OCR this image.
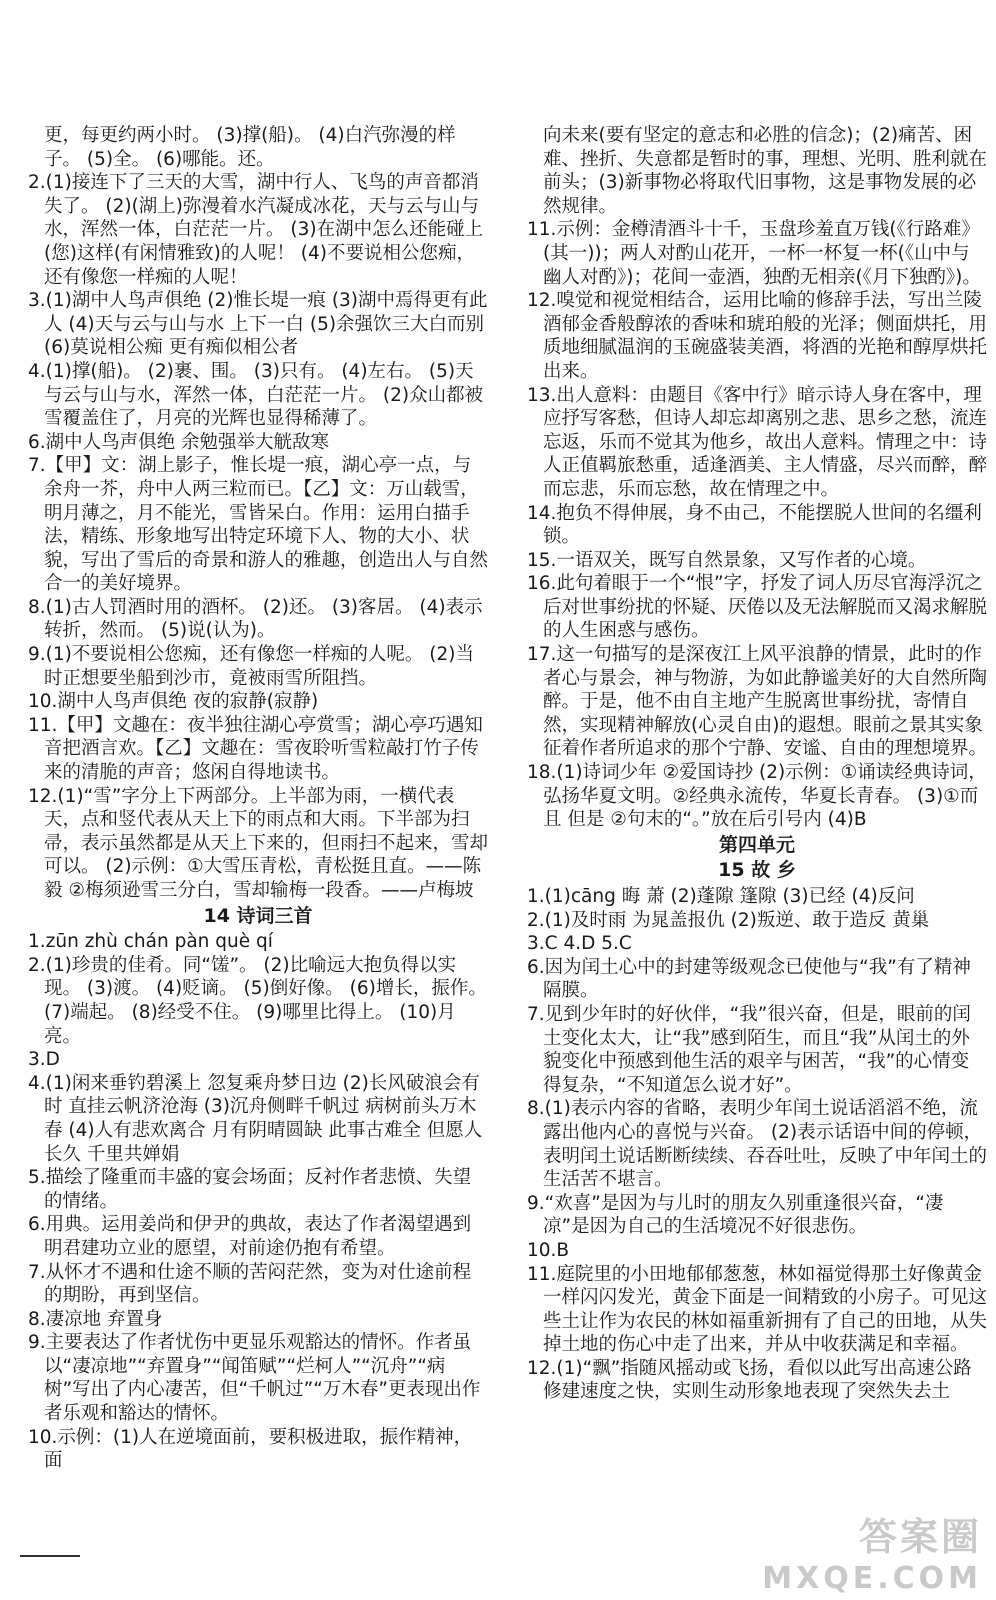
更，每更约两小时。 (3)撑(船)。 (4)白汽弥漫的样子。 (5)全。 (6)哪能。还。

2.(1)接连下了三天的大雪，湖中行人、飞鸟的声音都消失了。 (2)(湖上)弥漫着水汽凝成冰花，天与云与山与水，浑然一体，白茫茫一片。 (3)在湖中怎么还能碰上(您)这样(有闲情雅致)的人呢！ (4)不要说相公您痴，还有像您一样痴的人呢！

3.(1)湖中人鸟声俱绝 (2)惟长堤一痕 (3)湖中焉得更有此人 (4)天与云与山与水 上下一白 (5)余强饮三大白而别 (6)莫说相公痴 更有痴似相公者

4.(1)撑(船)。 (2)裹、围。 (3)只有。 (4)左右。 (5)天与云与山与水，浑然一体，白茫茫一片。 (2)众山都被雪覆盖住了，月亮的光辉也显得稀薄了。

6.湖中人鸟声俱绝 余勉强举大觥敌寒

7.【甲】文：湖上影子，惟长堤一痕，湖心亭一点，与余舟一芥，舟中人两三粒而已。【乙】文：万山载雪，明月薄之，月不能光，雪皆呆白。作用：运用白描手法，精练、形象地写出特定环境下人、物的大小、状貌，写出了雪后的奇景和游人的雅趣，创造出人与自然合一的美好境界。

8.(1)古人罚酒时用的酒杯。 (2)还。 (3)客居。 (4)表示转折，然而。 (5)说(认为)。

9.(1)不要说相公您痴，还有像您一样痴的人呢。 (2)当时正想要坐船到沙市，竟被雨雪所阻挡。

10.湖中人鸟声俱绝 夜的寂静(寂静)

11.【甲】文趣在：夜半独往湖心亭赏雪；湖心亭巧遇知音把酒言欢。【乙】文趣在：雪夜聆听雪粒敲打竹子传来的清脆的声音；悠闲自得地读书。

12.(1)“雪”字分上下两部分。上半部为雨，一横代表天，点和竖代表从天上下的雨点和大雨。下半部为扫帚，表示虽然都是从天上下来的，但雨扫不起来，雪却可以。 (2)示例：①大雪压青松，青松挺且直。——陈毅 ②梅须逊雪三分白，雪却输梅一段香。——卢梅坡

14 诗词三首

1.zūn zhù chán pàn què qí

2.(1)珍贵的佳肴。同“馐”。 (2)比喻远大抱负得以实现。 (3)渡。 (4)贬谪。 (5)倒好像。 (6)增长，振作。 (7)端起。 (8)经受不住。 (9)哪里比得上。 (10)月亮。

3.D

4.(1)闲来垂钓碧溪上 忽复乘舟梦日边 (2)长风破浪会有时 直挂云帆济沧海 (3)沉舟侧畔千帆过 病树前头万木春 (4)人有悲欢离合 月有阴晴圆缺 此事古难全 但愿人长久 千里共婵娟

5.描绘了隆重而丰盛的宴会场面；反衬作者悲愤、失望的情绪。

6.用典。运用姜尚和伊尹的典故，表达了作者渴望遇到明君建功立业的愿望，对前途仍抱有希望。

7.从怀才不遇和仕途不顺的苦闷茫然，变为对仕途前程的期盼，再到坚信。

8.凄凉地 弃置身

9.主要表达了作者忧伤中更显乐观豁达的情怀。作者虽以“凄凉地”“弃置身”“闻笛赋”“烂柯人”“沉舟”“病树”写出了内心凄苦，但“千帆过”“万木春”更表现出作者乐观和豁达的情怀。

10.示例：(1)人在逆境面前，要积极进取，振作精神，面

向未来(要有坚定的意志和必胜的信念)；(2)痛苦、困难、挫折、失意都是暂时的事，理想、光明、胜利就在前头；(3)新事物必将取代旧事物，这是事物发展的必然规律。

11.示例：金樽清酒斗十千，玉盘珍羞直万钱(《行路难》(其一))；两人对酌山花开，一杯一杯复一杯(《山中与幽人对酌》)；花间一壶酒，独酌无相亲(《月下独酌》)。

12.嗅觉和视觉相结合，运用比喻的修辞手法，写出兰陵酒郁金香般醇浓的香味和琥珀般的光泽；侧面烘托，用质地细腻温润的玉碗盛装美酒，将酒的光艳和醇厚烘托出来。

13.出人意料：由题目《客中行》暗示诗人身在客中，理应抒写客愁，但诗人却忘却离别之悲、思乡之愁，流连忘返，乐而不觉其为他乡，故出人意料。情理之中：诗人正值羁旅愁重，适逢酒美、主人情盛，尽兴而醉，醉而忘悲，乐而忘愁，故在情理之中。

14.抱负不得伸展，身不由己，不能摆脱人世间的名缰利锁。

15.一语双关，既写自然景象，又写作者的心境。

16.此句着眼于一个“恨”字，抒发了词人历尽官海浮沉之后对世事纷扰的怀疑、厌倦以及无法解脱而又渴求解脱的人生困惑与感伤。

17.这一句描写的是深夜江上风平浪静的情景，此时的作者心与景会，神与物游，为如此静谧美好的大自然所陶醉。于是，他不由自主地产生脱离世事纷扰，寄情自然，实现精神解放(心灵自由)的遐想。眼前之景其实象征着作者所追求的那个宁静、安谧、自由的理想境界。

18.(1)诗词少年 ②爱国诗抄 (2)示例：①诵读经典诗词，弘扬华夏文明。②经典永流传，华夏长青春。 (3)①而且 但是 ②句末的“。”放在后引号内 (4)B

第四单元
15 故 乡

1.(1)cāng 晦 萧 (2)蓬隙 篷隙 (3)已经 (4)反问

2.(1)及时雨 为晁盖报仇 (2)叛逆、敢于造反 黄巢

3.C 4.D 5.C

6.因为闰土心中的封建等级观念已使他与“我”有了精神隔膜。

7.见到少年时的好伙伴，“我”很兴奋，但是，眼前的闰土变化太大，让“我”感到陌生，而且“我”从闰土的外貌变化中预感到他生活的艰辛与困苦，“我”的心情变得复杂，“不知道怎么说才好”。

8.(1)表示内容的省略，表明少年闰土说话滔滔不绝，流露出他内心的喜悦与兴奋。 (2)表示话语中间的停顿，表明闰土说话断断续续、吞吞吐吐，反映了中年闰土的生活苦不堪言。

9.“欢喜”是因为与儿时的朋友久别重逢很兴奋，“凄凉”是因为自己的生活境况不好很悲伤。

10.B

11.庭院里的小田地郁郁葱葱，林如福觉得那土好像黄金一样闪闪发光，黄金下面是一间精致的小房子。可见这些土让作为农民的林如福重新拥有了自己的田地，从失掉土地的伤心中走了出来，并从中收获满足和幸福。

12.(1)“飘”指随风摇动或飞扬，看似以此写出高速公路修建速度之快，实则生动形象地表现了突然失去土

答案圈
MXQE.COM
